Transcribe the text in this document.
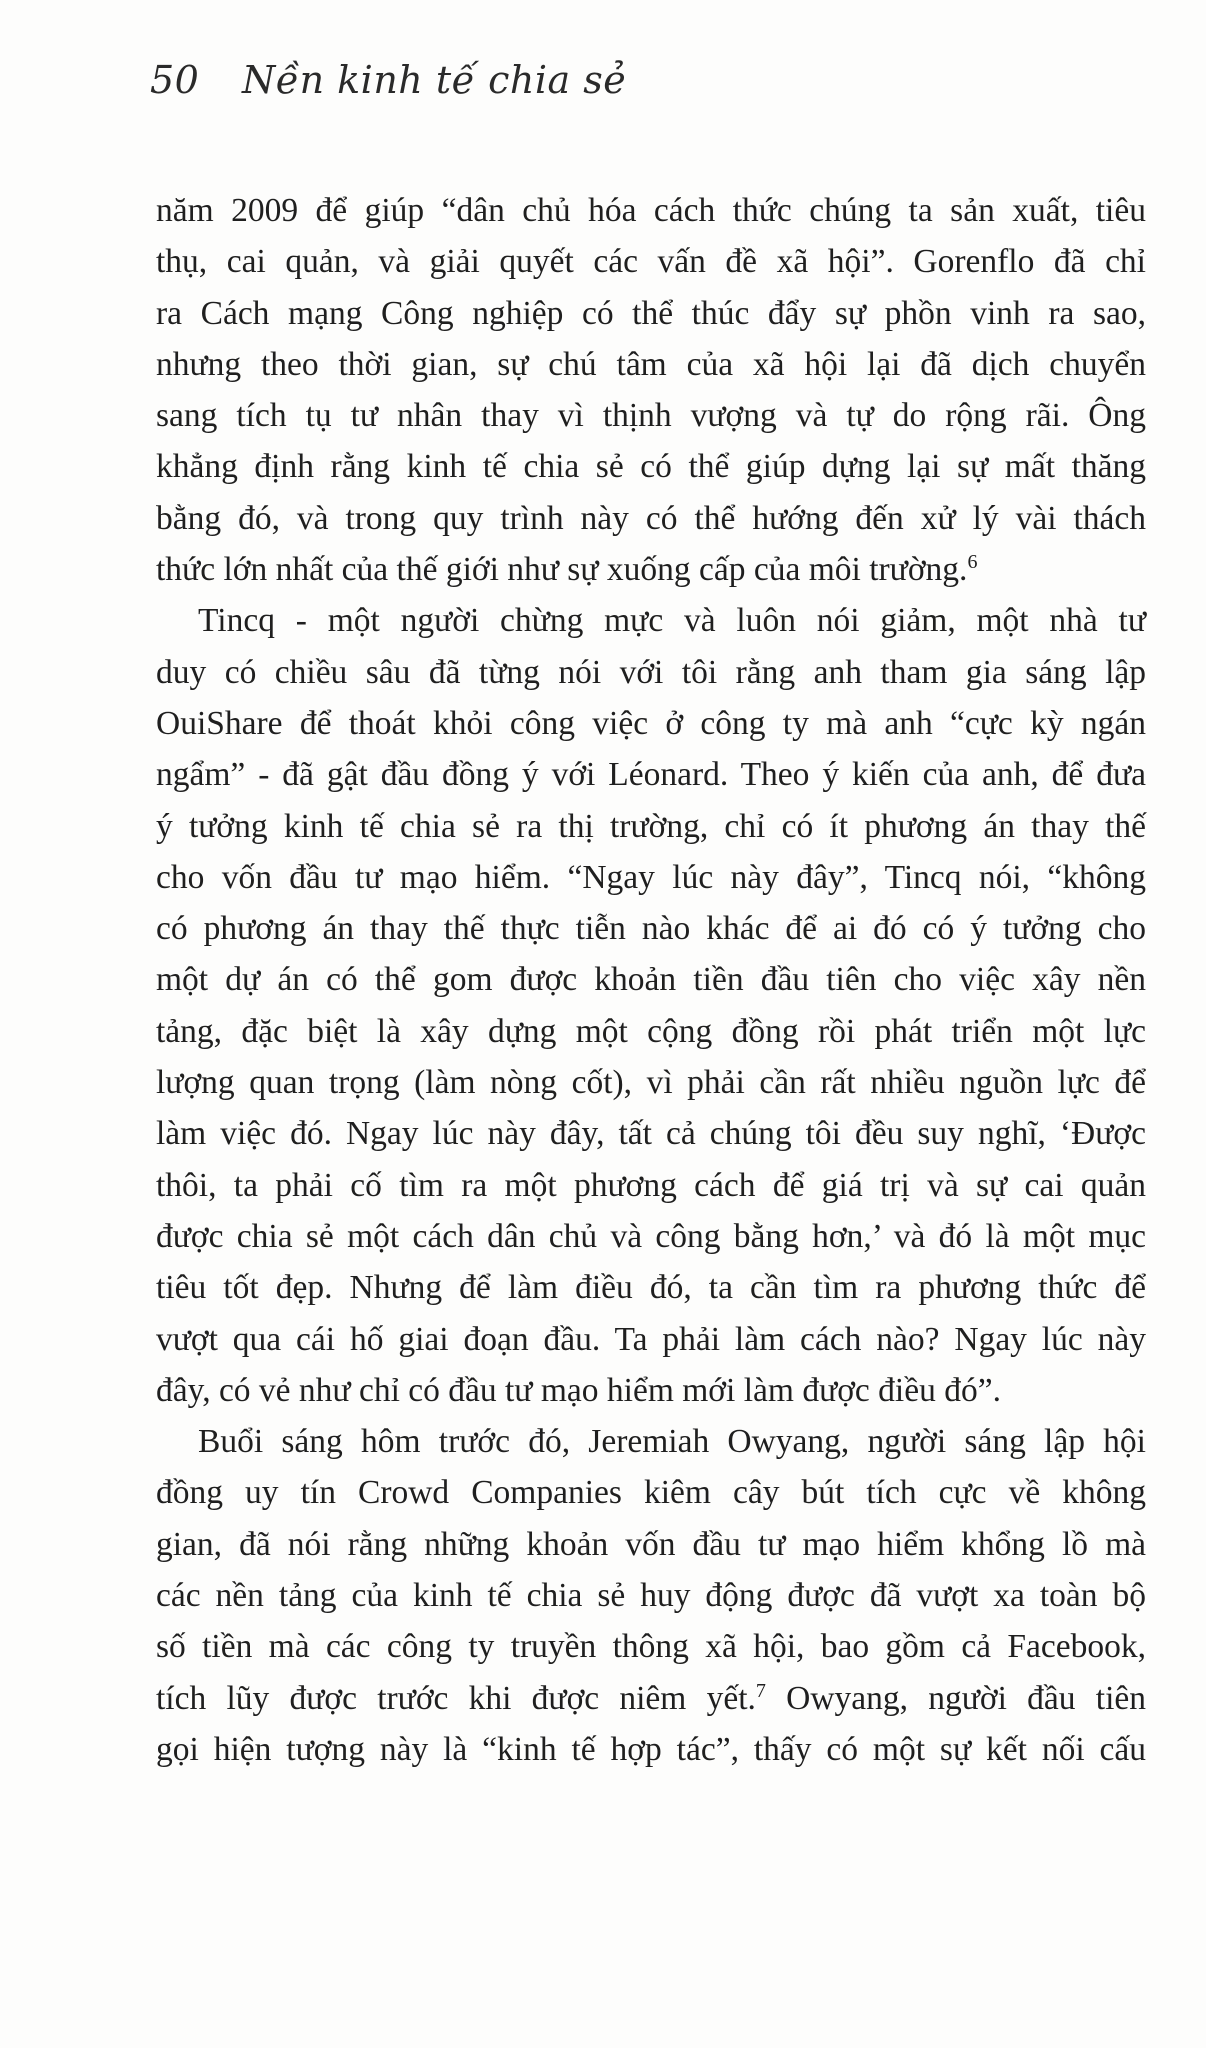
50 Nền kinh tế chia sẻ

năm 2009 để giúp “dân chủ hóa cách thức chúng ta sản xuất, tiêu
thụ, cai quản, và giải quyết các vấn đề xã hội”. Gorenflo đã chỉ
ra Cách mạng Công nghiệp có thể thúc đẩy sự phồn vinh ra sao,
nhưng theo thời gian, sự chú tâm của xã hội lại đã dịch chuyển
sang tích tụ tư nhân thay vì thịnh vượng và tự do rộng rãi. Ông
khẳng định rằng kinh tế chia sẻ có thể giúp dựng lại sự mất thăng
bằng đó, và trong quy trình này có thể hướng đến xử lý vài thách
thức lớn nhất của thế giới như sự xuống cấp của môi trường.$^6$

Tincq - một người chừng mực và luôn nói giảm, một nhà tư
duy có chiều sâu đã từng nói với tôi rằng anh tham gia sáng lập
OuiShare để thoát khỏi công việc ở công ty mà anh “cực kỳ ngán
ngẩm” - đã gật đầu đồng ý với Léonard. Theo ý kiến của anh, để đưa
ý tưởng kinh tế chia sẻ ra thị trường, chỉ có ít phương án thay thế
cho vốn đầu tư mạo hiểm. “Ngay lúc này đây”, Tincq nói, “không
có phương án thay thế thực tiễn nào khác để ai đó có ý tưởng cho
một dự án có thể gom được khoản tiền đầu tiên cho việc xây nền
tảng, đặc biệt là xây dựng một cộng đồng rồi phát triển một lực
lượng quan trọng (làm nòng cốt), vì phải cần rất nhiều nguồn lực để
làm việc đó. Ngay lúc này đây, tất cả chúng tôi đều suy nghĩ, ‘Được
thôi, ta phải cố tìm ra một phương cách để giá trị và sự cai quản
được chia sẻ một cách dân chủ và công bằng hơn,’ và đó là một mục
tiêu tốt đẹp. Nhưng để làm điều đó, ta cần tìm ra phương thức để
vượt qua cái hố giai đoạn đầu. Ta phải làm cách nào? Ngay lúc này
đây, có vẻ như chỉ có đầu tư mạo hiểm mới làm được điều đó”.

Buổi sáng hôm trước đó, Jeremiah Owyang, người sáng lập hội
đồng uy tín Crowd Companies kiêm cây bút tích cực về không
gian, đã nói rằng những khoản vốn đầu tư mạo hiểm khổng lồ mà
các nền tảng của kinh tế chia sẻ huy động được đã vượt xa toàn bộ
số tiền mà các công ty truyền thông xã hội, bao gồm cả Facebook,
tích lũy được trước khi được niêm yết.$^7$ Owyang, người đầu tiên
gọi hiện tượng này là “kinh tế hợp tác”, thấy có một sự kết nối cấu
